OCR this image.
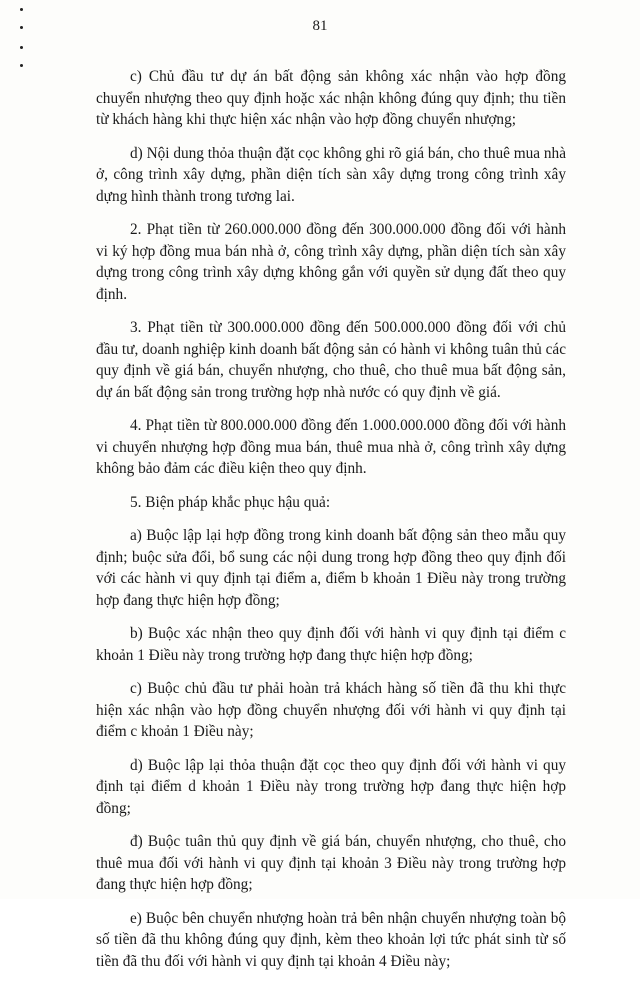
81

c) Chủ đầu tư dự án bất động sản không xác nhận vào hợp đồng chuyển nhượng theo quy định hoặc xác nhận không đúng quy định; thu tiền từ khách hàng khi thực hiện xác nhận vào hợp đồng chuyển nhượng;

d) Nội dung thỏa thuận đặt cọc không ghi rõ giá bán, cho thuê mua nhà ở, công trình xây dựng, phần diện tích sàn xây dựng trong công trình xây dựng hình thành trong tương lai.

2. Phạt tiền từ 260.000.000 đồng đến 300.000.000 đồng đối với hành vi ký hợp đồng mua bán nhà ở, công trình xây dựng, phần diện tích sàn xây dựng trong công trình xây dựng không gắn với quyền sử dụng đất theo quy định.

3. Phạt tiền từ 300.000.000 đồng đến 500.000.000 đồng đối với chủ đầu tư, doanh nghiệp kinh doanh bất động sản có hành vi không tuân thủ các quy định về giá bán, chuyển nhượng, cho thuê, cho thuê mua bất động sản, dự án bất động sản trong trường hợp nhà nước có quy định về giá.

4. Phạt tiền từ 800.000.000 đồng đến 1.000.000.000 đồng đối với hành vi chuyển nhượng hợp đồng mua bán, thuê mua nhà ở, công trình xây dựng không bảo đảm các điều kiện theo quy định.

5. Biện pháp khắc phục hậu quả:

a) Buộc lập lại hợp đồng trong kinh doanh bất động sản theo mẫu quy định; buộc sửa đổi, bổ sung các nội dung trong hợp đồng theo quy định đối với các hành vi quy định tại điểm a, điểm b khoản 1 Điều này trong trường hợp đang thực hiện hợp đồng;

b) Buộc xác nhận theo quy định đối với hành vi quy định tại điểm c khoản 1 Điều này trong trường hợp đang thực hiện hợp đồng;

c) Buộc chủ đầu tư phải hoàn trả khách hàng số tiền đã thu khi thực hiện xác nhận vào hợp đồng chuyển nhượng đối với hành vi quy định tại điểm c khoản 1 Điều này;

d) Buộc lập lại thỏa thuận đặt cọc theo quy định đối với hành vi quy định tại điểm d khoản 1 Điều này trong trường hợp đang thực hiện hợp đồng;

đ) Buộc tuân thủ quy định về giá bán, chuyển nhượng, cho thuê, cho thuê mua đối với hành vi quy định tại khoản 3 Điều này trong trường hợp đang thực hiện hợp đồng;

e) Buộc bên chuyển nhượng hoàn trả bên nhận chuyển nhượng toàn bộ số tiền đã thu không đúng quy định, kèm theo khoản lợi tức phát sinh từ số tiền đã thu đối với hành vi quy định tại khoản 4 Điều này;
